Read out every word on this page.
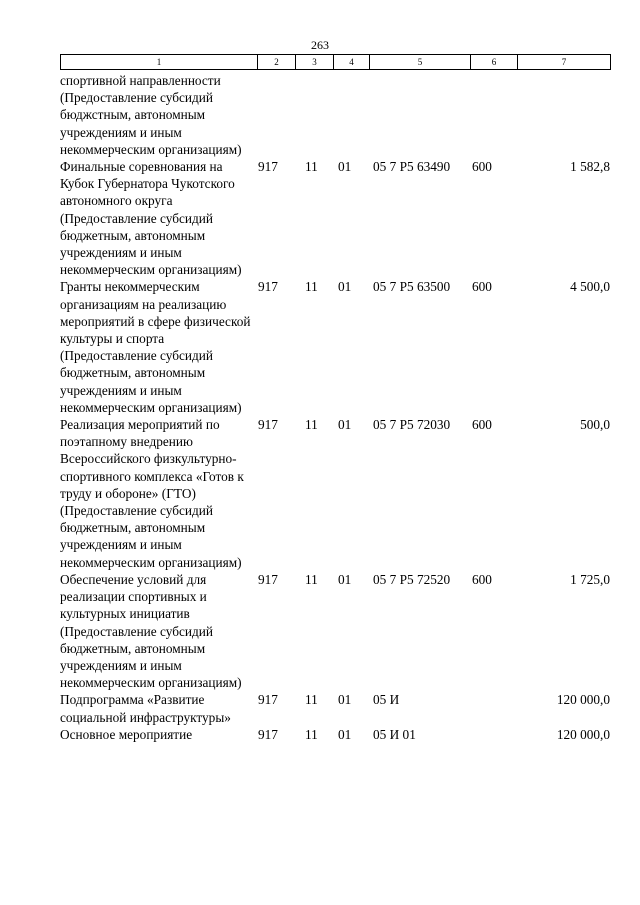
263
1	2	3	4	5	6	7
спортивной направленности (Предоставление субсидий бюджстным, автономным учреждениям и иным некоммерческим организациям)						
Финальные соревнования на Кубок Губернатора Чукотского автономного округа (Предоставление субсидий бюджетным, автономным учреждениям и иным некоммерческим организациям)	917	11	01	05 7 P5 63490	600	1 582,8
Гранты некоммерческим организациям на реализацию мероприятий в сфере физической культуры и спорта (Предоставление субсидий бюджетным, автономным учреждениям и иным некоммерческим организациям)	917	11	01	05 7 P5 63500	600	4 500,0
Реализация мероприятий по поэтапному внедрению Всероссийского физкультурно-спортивного комплекса «Готов к труду и обороне» (ГТО) (Предоставление субсидий бюджетным, автономным учреждениям и иным некоммерческим организациям)	917	11	01	05 7 P5 72030	600	500,0
Обеспечение условий для реализации спортивных и культурных инициатив (Предоставление субсидий бюджетным, автономным учреждениям и иным некоммерческим организациям)	917	11	01	05 7 P5 72520	600	1 725,0
Подпрограмма «Развитие социальной инфраструктуры»	917	11	01	05 И		120 000,0
Основное мероприятие	917	11	01	05 И 01		120 000,0
